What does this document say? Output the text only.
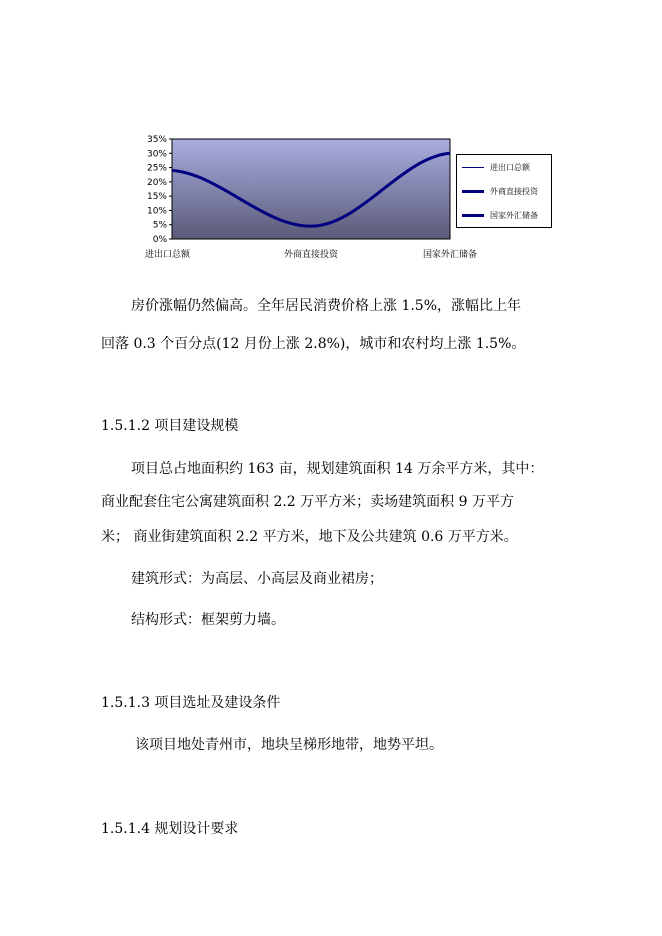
35%
30%
25%
20%
15%
10%
5%
0%
进出口总额	外商直接投资	国家外汇储备
进出口总额
外商直接投资
国家外汇储备
房价涨幅仍然偏高。全年居民消费价格上涨 1.5%，涨幅比上年
回落 0.3 个百分点(12 月份上涨 2.8%)，城市和农村均上涨 1.5%。
1.5.1.2 项目建设规模
项目总占地面积约 163 亩，规划建筑面积 14 万余平方米，其中：
商业配套住宅公寓建筑面积 2.2 万平方米；卖场建筑面积 9 万平方
米； 商业街建筑面积 2.2 平方米，地下及公共建筑 0.6 万平方米。
建筑形式：为高层、小高层及商业裙房；
结构形式：框架剪力墙。
1.5.1.3 项目选址及建设条件
该项目地处青州市，地块呈梯形地带，地势平坦。
1.5.1.4 规划设计要求
